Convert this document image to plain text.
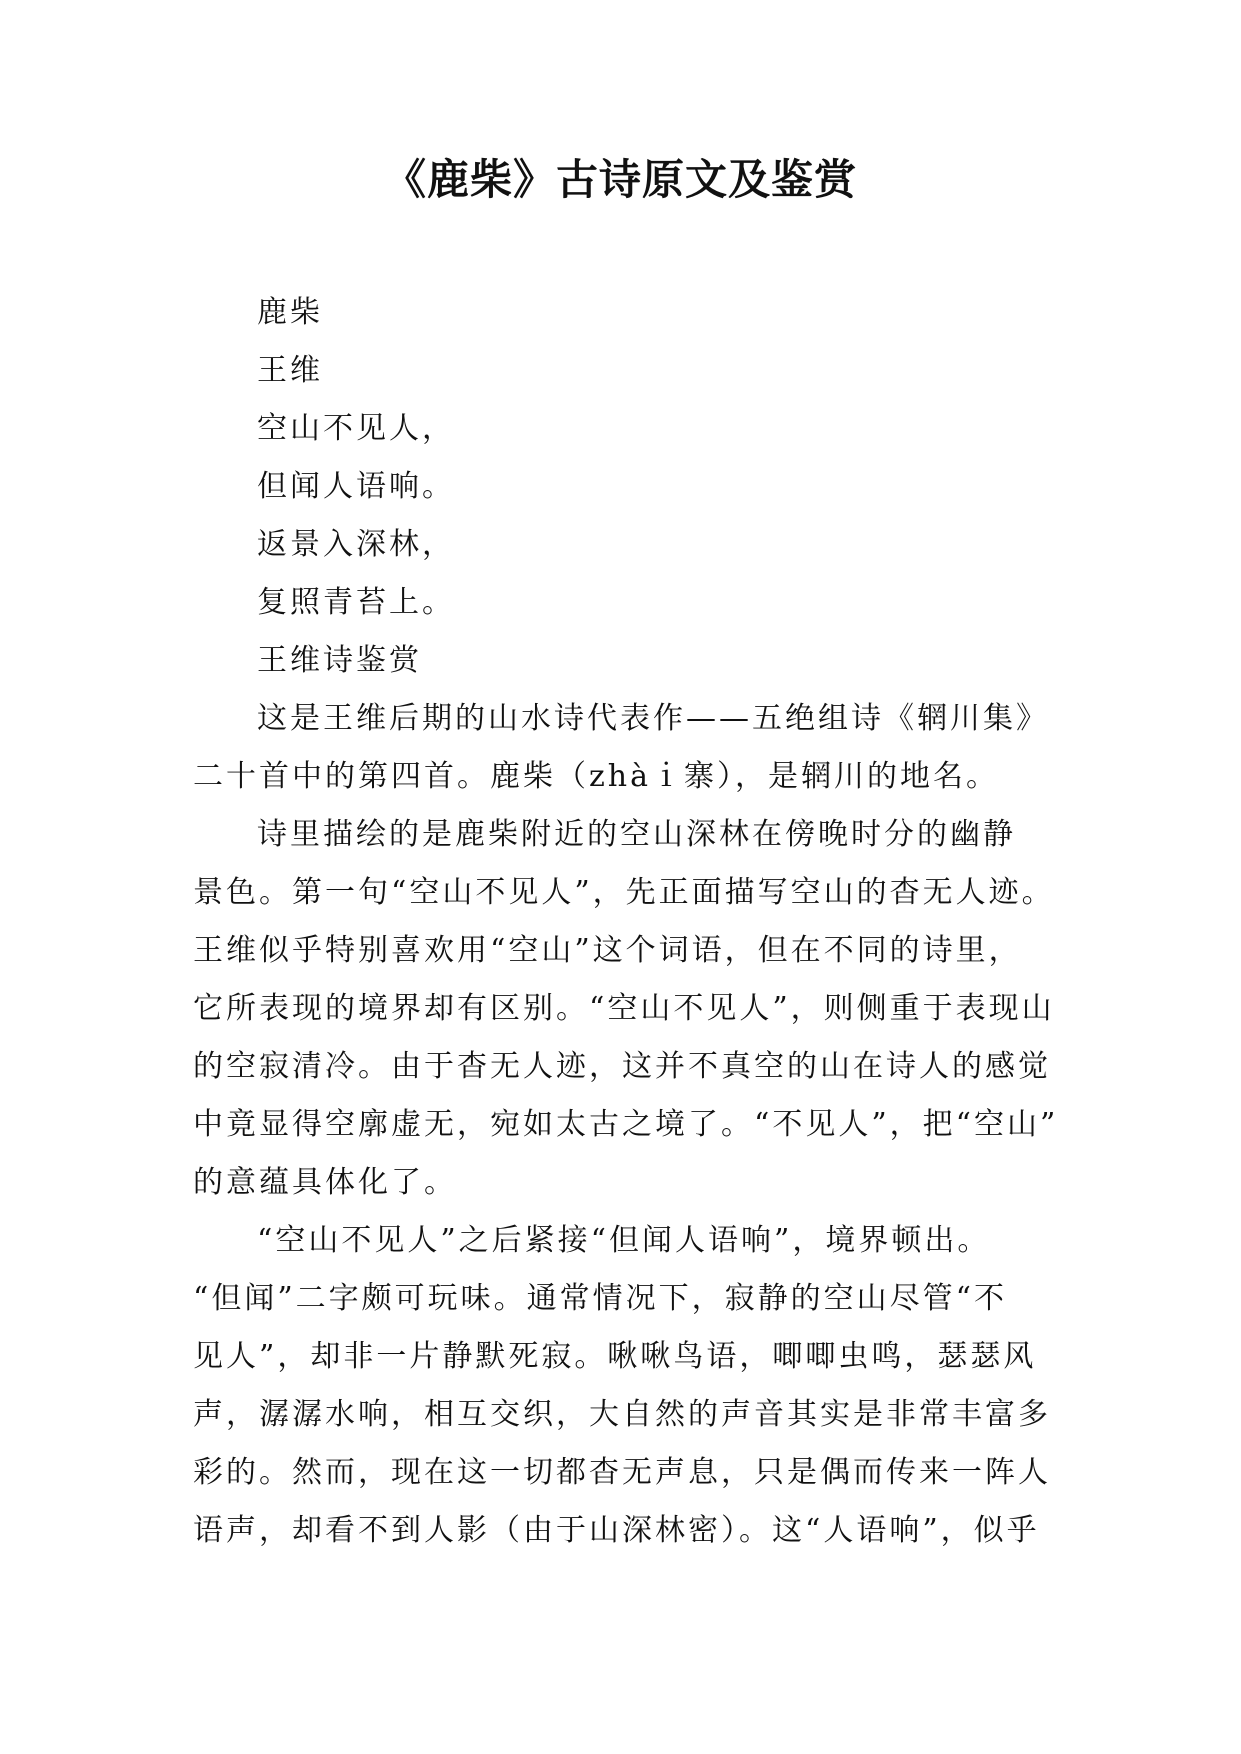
《鹿柴》古诗原文及鉴赏
鹿柴
王维
空山不见人，
但闻人语响。
返景入深林，
复照青苔上。
王维诗鉴赏
这是王维后期的山水诗代表作——五绝组诗《辋川集》
二十首中的第四首。鹿柴（zhàｉ寨），是辋川的地名。
诗里描绘的是鹿柴附近的空山深林在傍晚时分的幽静
景色。第一句“空山不见人”，先正面描写空山的杳无人迹。
王维似乎特别喜欢用“空山”这个词语，但在不同的诗里，
它所表现的境界却有区别。“空山不见人”，则侧重于表现山
的空寂清冷。由于杳无人迹，这并不真空的山在诗人的感觉
中竟显得空廓虚无，宛如太古之境了。“不见人”，把“空山”
的意蕴具体化了。
“空山不见人”之后紧接“但闻人语响”，境界顿出。
“但闻”二字颇可玩味。通常情况下，寂静的空山尽管“不
见人”，却非一片静默死寂。啾啾鸟语，唧唧虫鸣，瑟瑟风
声，潺潺水响，相互交织，大自然的声音其实是非常丰富多
彩的。然而，现在这一切都杳无声息，只是偶而传来一阵人
语声，却看不到人影（由于山深林密）。这“人语响”，似乎
